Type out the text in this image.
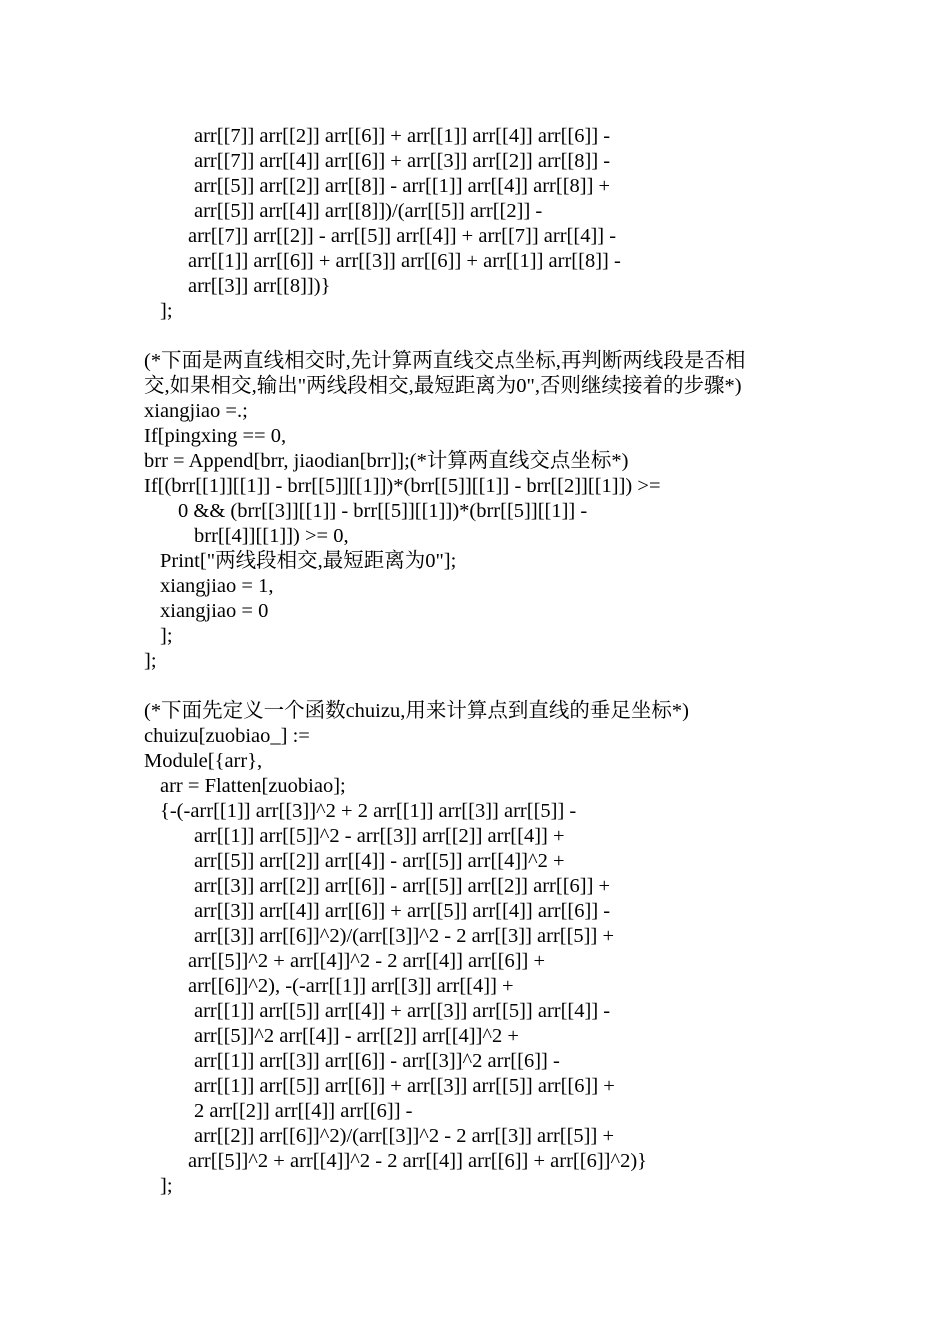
arr[[7]] arr[[2]] arr[[6]] + arr[[1]] arr[[4]] arr[[6]] -
arr[[7]] arr[[4]] arr[[6]] + arr[[3]] arr[[2]] arr[[8]] -
arr[[5]] arr[[2]] arr[[8]] - arr[[1]] arr[[4]] arr[[8]] +
arr[[5]] arr[[4]] arr[[8]])/(arr[[5]] arr[[2]] -
arr[[7]] arr[[2]] - arr[[5]] arr[[4]] + arr[[7]] arr[[4]] -
arr[[1]] arr[[6]] + arr[[3]] arr[[6]] + arr[[1]] arr[[8]] -
arr[[3]] arr[[8]])}
];
(*下面是两直线相交时,先计算两直线交点坐标,再判断两线段是否相
交,如果相交,输出"两线段相交,最短距离为0",否则继续接着的步骤*)
xiangjiao =.;
If[pingxing == 0,
brr = Append[brr, jiaodian[brr]];(*计算两直线交点坐标*)
If[(brr[[1]][[1]] - brr[[5]][[1]])*(brr[[5]][[1]] - brr[[2]][[1]]) >=
0 && (brr[[3]][[1]] - brr[[5]][[1]])*(brr[[5]][[1]] -
brr[[4]][[1]]) >= 0,
Print["两线段相交,最短距离为0"];
xiangjiao = 1,
xiangjiao = 0
];
];
(*下面先定义一个函数chuizu,用来计算点到直线的垂足坐标*)
chuizu[zuobiao_] :=
Module[{arr},
arr = Flatten[zuobiao];
{-(-arr[[1]] arr[[3]]^2 + 2 arr[[1]] arr[[3]] arr[[5]] -
arr[[1]] arr[[5]]^2 - arr[[3]] arr[[2]] arr[[4]] +
arr[[5]] arr[[2]] arr[[4]] - arr[[5]] arr[[4]]^2 +
arr[[3]] arr[[2]] arr[[6]] - arr[[5]] arr[[2]] arr[[6]] +
arr[[3]] arr[[4]] arr[[6]] + arr[[5]] arr[[4]] arr[[6]] -
arr[[3]] arr[[6]]^2)/(arr[[3]]^2 - 2 arr[[3]] arr[[5]] +
arr[[5]]^2 + arr[[4]]^2 - 2 arr[[4]] arr[[6]] +
arr[[6]]^2), -(-arr[[1]] arr[[3]] arr[[4]] +
arr[[1]] arr[[5]] arr[[4]] + arr[[3]] arr[[5]] arr[[4]] -
arr[[5]]^2 arr[[4]] - arr[[2]] arr[[4]]^2 +
arr[[1]] arr[[3]] arr[[6]] - arr[[3]]^2 arr[[6]] -
arr[[1]] arr[[5]] arr[[6]] + arr[[3]] arr[[5]] arr[[6]] +
2 arr[[2]] arr[[4]] arr[[6]] -
arr[[2]] arr[[6]]^2)/(arr[[3]]^2 - 2 arr[[3]] arr[[5]] +
arr[[5]]^2 + arr[[4]]^2 - 2 arr[[4]] arr[[6]] + arr[[6]]^2)}
];
